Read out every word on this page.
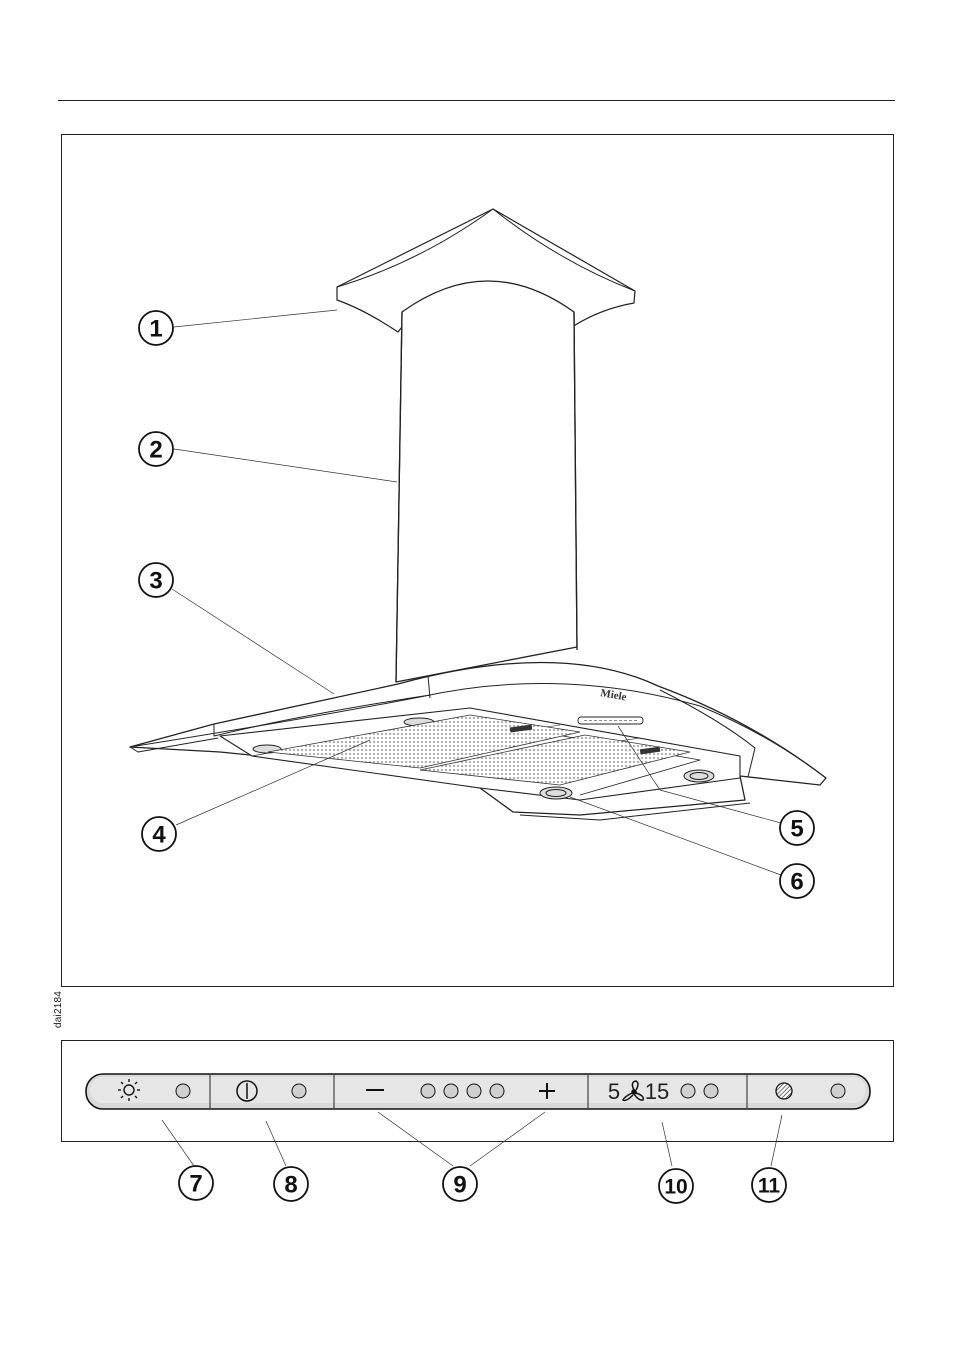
dai2184
Miele
1
2
3
4	5
6
7	8	9	10	11
5 15
